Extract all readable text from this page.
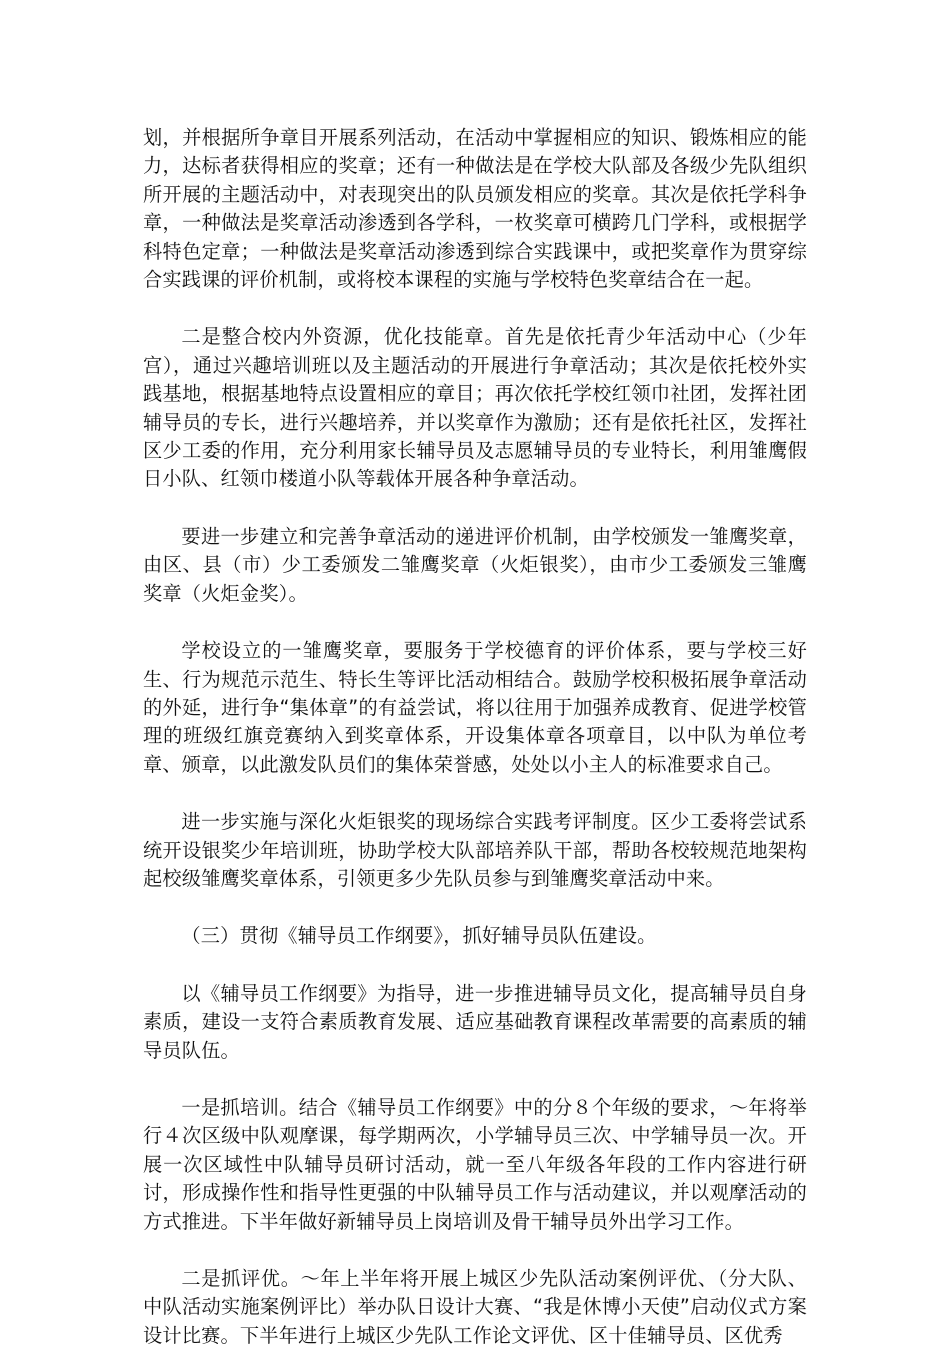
划，并根据所争章目开展系列活动，在活动中掌握相应的知识、锻炼相应的能力，达标者获得相应的奖章；还有一种做法是在学校大队部及各级少先队组织所开展的主题活动中，对表现突出的队员颁发相应的奖章。其次是依托学科争章，一种做法是奖章活动渗透到各学科，一枚奖章可横跨几门学科，或根据学科特色定章；一种做法是奖章活动渗透到综合实践课中，或把奖章作为贯穿综合实践课的评价机制，或将校本课程的实施与学校特色奖章结合在一起。

二是整合校内外资源，优化技能章。首先是依托青少年活动中心（少年宫），通过兴趣培训班以及主题活动的开展进行争章活动；其次是依托校外实践基地，根据基地特点设置相应的章目；再次依托学校红领巾社团，发挥社团辅导员的专长，进行兴趣培养，并以奖章作为激励；还有是依托社区，发挥社区少工委的作用，充分利用家长辅导员及志愿辅导员的专业特长，利用雏鹰假日小队、红领巾楼道小队等载体开展各种争章活动。

要进一步建立和完善争章活动的递进评价机制，由学校颁发一雏鹰奖章，由区、县（市）少工委颁发二雏鹰奖章（火炬银奖），由市少工委颁发三雏鹰奖章（火炬金奖）。

学校设立的一雏鹰奖章，要服务于学校德育的评价体系，要与学校三好生、行为规范示范生、特长生等评比活动相结合。鼓励学校积极拓展争章活动的外延，进行争“集体章”的有益尝试，将以往用于加强养成教育、促进学校管理的班级红旗竞赛纳入到奖章体系，开设集体章各项章目，以中队为单位考章、颁章，以此激发队员们的集体荣誉感，处处以小主人的标准要求自己。

进一步实施与深化火炬银奖的现场综合实践考评制度。区少工委将尝试系统开设银奖少年培训班，协助学校大队部培养队干部，帮助各校较规范地架构起校级雏鹰奖章体系，引领更多少先队员参与到雏鹰奖章活动中来。

（三）贯彻《辅导员工作纲要》，抓好辅导员队伍建设。

以《辅导员工作纲要》为指导，进一步推进辅导员文化，提高辅导员自身素质，建设一支符合素质教育发展、适应基础教育课程改革需要的高素质的辅导员队伍。

一是抓培训。结合《辅导员工作纲要》中的分８个年级的要求，～年将举行４次区级中队观摩课，每学期两次，小学辅导员三次、中学辅导员一次。开展一次区域性中队辅导员研讨活动，就一至八年级各年段的工作内容进行研讨，形成操作性和指导性更强的中队辅导员工作与活动建议，并以观摩活动的方式推进。下半年做好新辅导员上岗培训及骨干辅导员外出学习工作。

二是抓评优。～年上半年将开展上城区少先队活动案例评优、（分大队、中队活动实施案例评比）举办队日设计大赛、“我是休博小天使”启动仪式方案设计比赛。下半年进行上城区少先队工作论文评优、区十佳辅导员、区优秀
